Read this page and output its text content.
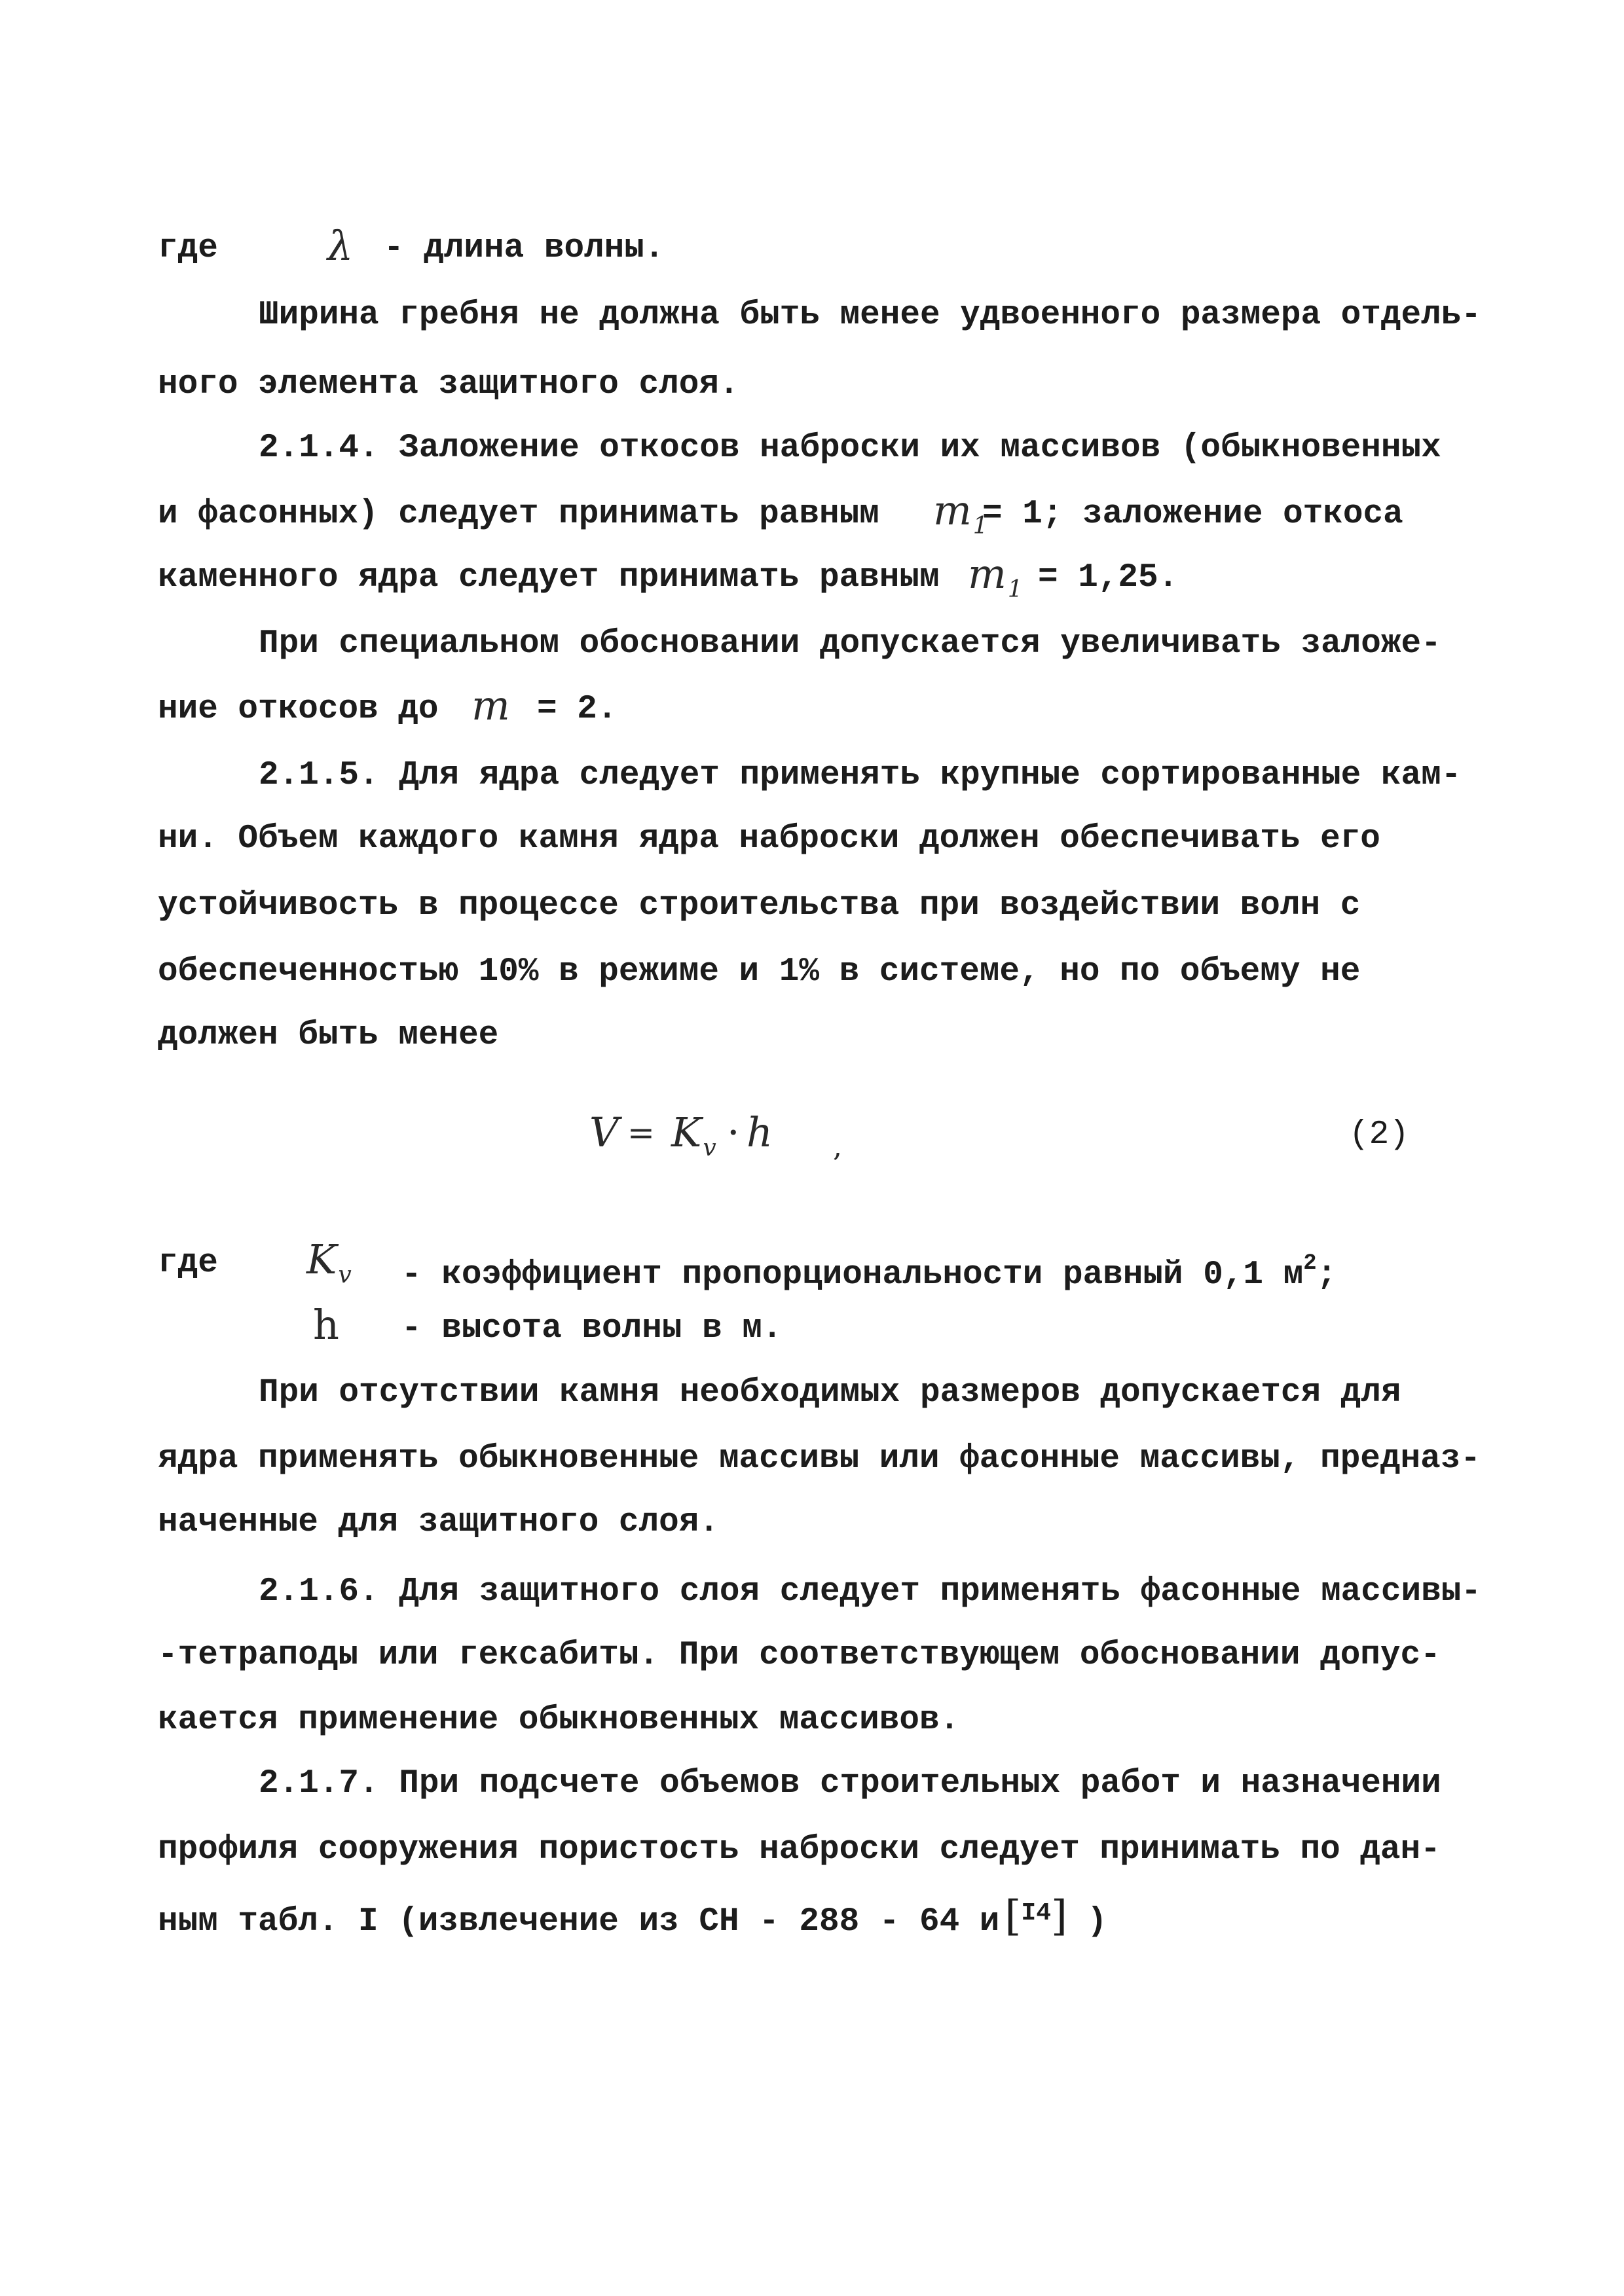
где	λ - длина волны.
Ширина гребня не должна быть менее удвоенного размера отдель-
ного элемента защитного слоя.
2.1.4. Заложение откосов наброски их массивов (обыкновенных
и фасонных) следует принимать равным $m_1$
= 1; заложение откоса
каменного ядра следует принимать равным $m_1 = 1,25$.
При специальном обосновании допускается увеличивать заложе-
ние откосов до m = 2.
2.1.5. Для ядра следует применять крупные сортированные кам-
ни. Объем каждого камня ядра наброски должен обеспечивать его
устойчивость в процессе строительства при воздействии волн с
обеспеченностью 10% в режиме и 1% в системе, но по объему не
должен быть менее
$V = K_v \cdot h$ ,	(2)
где $K_v$ - коэффициент пропорциональности равный 0,1 $м^2$;
h - высота волны в м.
При отсутствии камня необходимых размеров допускается для
ядра применять обыкновенные массивы или фасонные массивы, предназ-
наченные для защитного слоя.
2.1.6. Для защитного слоя следует применять фасонные массивы-
-тетраподы или гексабиты. При соответствующем обосновании допус-
кается применение обыкновенных массивов.
2.1.7. При подсчете объемов строительных работ и назначении
профиля сооружения пористость наброски следует принимать по дан-
ным табл. I (извлечение из СН - 288 - 64 и [$^{I4}$] )
